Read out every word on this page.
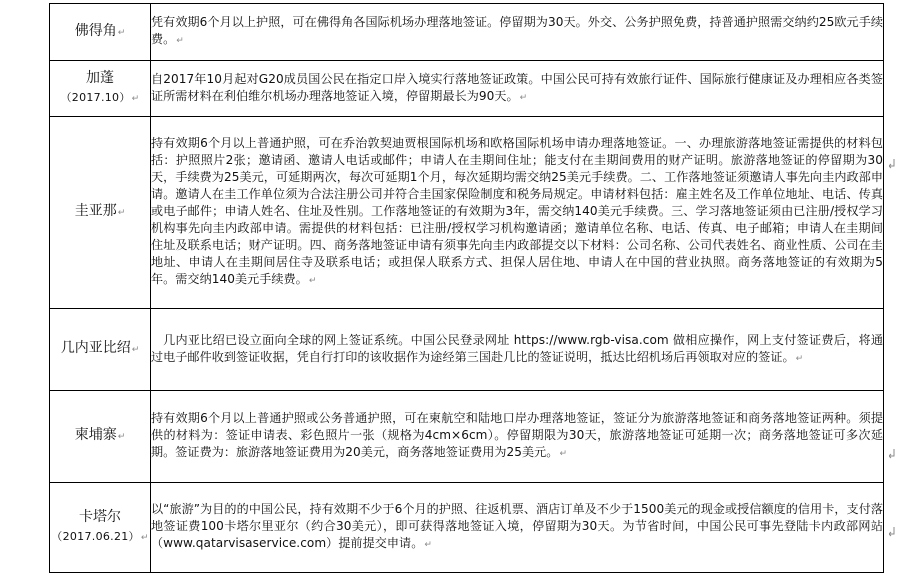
佛得角↵	凭有效期6个月以上护照，可在佛得角各国际机场办理落地签证。停留期为30天。外交、公务护照免费，持普通护照需交纳约25欧元手续费。↵
加蓬
（2017.10）↵	自2017年10月起对G20成员国公民在指定口岸入境实行落地签证政策。中国公民可持有效旅行证件、国际旅行健康证及办理相应各类签证所需材料在利伯维尔机场办理落地签证入境，停留期最长为90天。↵
圭亚那↵	持有效期6个月以上普通护照，可在乔治敦契迪贾根国际机场和欧格国际机场申请办理落地签证。一、办理旅游落地签证需提供的材料包括：护照照片2张；邀请函、邀请人电话或邮件；申请人在圭期间住址；能支付在圭期间费用的财产证明。旅游落地签证的停留期为30天，手续费为25美元，可延期两次，每次可延期1个月，每次延期均需交纳25美元手续费。二、工作落地签证须邀请人事先向圭内政部申请。邀请人在圭工作单位须为合法注册公司并符合圭国家保险制度和税务局规定。申请材料包括：雇主姓名及工作单位地址、电话、传真或电子邮件；申请人姓名、住址及性别。工作落地签证的有效期为3年，需交纳140美元手续费。三、学习落地签证须由已注册/授权学习机构事先向圭内政部申请。需提供的材料包括：已注册/授权学习机构邀请函；邀请单位名称、电话、传真、电子邮箱；申请人在圭期间住址及联系电话；财产证明。四、商务落地签证申请有须事先向圭内政部提交以下材料：公司名称、公司代表姓名、商业性质、公司在圭地址、申请人在圭期间居住寺及联系电话；或担保人联系方式、担保人居住地、申请人在中国的营业执照。商务落地签证的有效期为5年。需交纳140美元手续费。↵
几内亚比绍↵	几内亚比绍已设立面向全球的网上签证系统。中国公民登录网址 https://www.rgb-visa.com 做相应操作，网上支付签证费后，将通过电子邮件收到签证收据，凭自行打印的该收据作为途经第三国赴几比的签证说明，抵达比绍机场后再领取对应的签证。↵
柬埔寨↵	持有效期6个月以上普通护照或公务普通护照，可在柬航空和陆地口岸办理落地签证，签证分为旅游落地签证和商务落地签证两种。须提供的材料为：签证申请表、彩色照片一张（规格为4cm×6cm）。停留期限为30天，旅游落地签证可延期一次；商务落地签证可多次延期。签证费为：旅游落地签证费用为20美元，商务落地签证费用为25美元。↵
卡塔尔
（2017.06.21）↵	以“旅游”为目的的中国公民，持有效期不少于6个月的护照、往返机票、酒店订单及不少于1500美元的现金或授信额度的信用卡，支付落地签证费100卡塔尔里亚尔（约合30美元），即可获得落地签证入境，停留期为30天。为节省时间，中国公民可事先登陆卡内政部网站（www.qatarvisaservice.com）提前提交申请。↵
